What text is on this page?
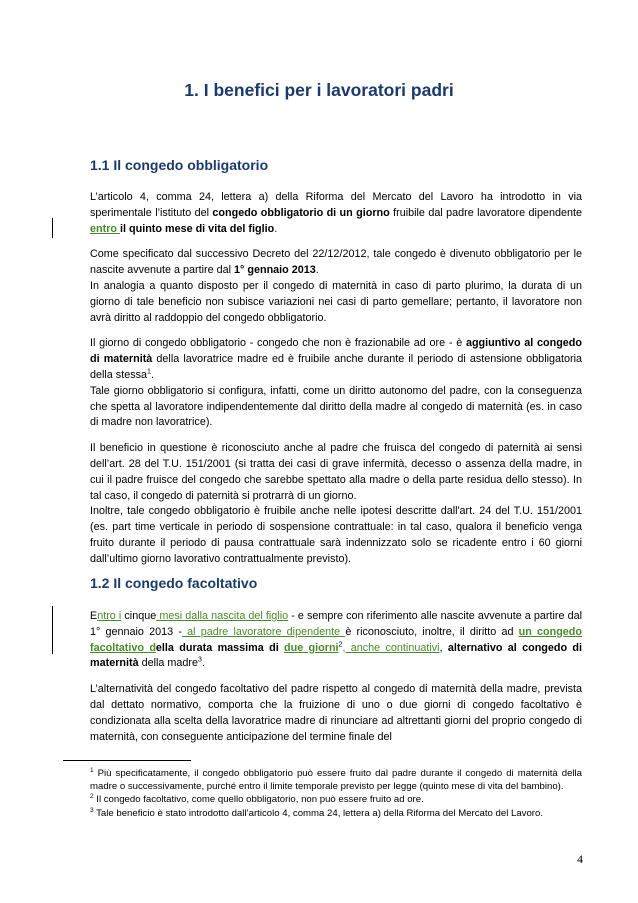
1. I benefici per i lavoratori padri
1.1 Il congedo obbligatorio

L’articolo 4, comma 24, lettera a) della Riforma del Mercato del Lavoro ha introdotto in via sperimentale l’istituto del congedo obbligatorio di un giorno fruibile dal padre lavoratore dipendente entro il quinto mese di vita del figlio.

Come specificato dal successivo Decreto del 22/12/2012, tale congedo è divenuto obbligatorio per le nascite avvenute a partire dal 1° gennaio 2013.

In analogia a quanto disposto per il congedo di maternità in caso di parto plurimo, la durata di un giorno di tale beneficio non subisce variazioni nei casi di parto gemellare; pertanto, il lavoratore non avrà diritto al raddoppio del congedo obbligatorio.

Il giorno di congedo obbligatorio - congedo che non è frazionabile ad ore - è aggiuntivo al congedo di maternità della lavoratrice madre ed è fruibile anche durante il periodo di astensione obbligatoria della stessa$^1$.

Tale giorno obbligatorio si configura, infatti, come un diritto autonomo del padre, con la conseguenza che spetta al lavoratore indipendentemente dal diritto della madre al congedo di maternità (es. in caso di madre non lavoratrice).

Il beneficio in questione è riconosciuto anche al padre che fruisca del congedo di paternità ai sensi dell’art. 28 del T.U. 151/2001 (si tratta dei casi di grave infermità, decesso o assenza della madre, in cui il padre fruisce del congedo che sarebbe spettato alla madre o della parte residua dello stesso). In tal caso, il congedo di paternità si protrarrà di un giorno.

Inoltre, tale congedo obbligatorio è fruibile anche nelle ipotesi descritte dall'art. 24 del T.U. 151/2001 (es. part time verticale in periodo di sospensione contrattuale: in tal caso, qualora il beneficio venga fruito durante il periodo di pausa contrattuale sarà indennizzato solo se ricadente entro i 60 giorni dall’ultimo giorno lavorativo contrattualmente previsto).

1.2 Il congedo facoltativo

Entro i cinque mesi dalla nascita del figlio - e sempre con riferimento alle nascite avvenute a partire dal 1° gennaio 2013 - al padre lavoratore dipendente è riconosciuto, inoltre, il diritto ad un congedo facoltativo della durata massima di due giorni$^2$, anche continuativi, alternativo al congedo di maternità della madre$^3$.

L’alternatività del congedo facoltativo del padre rispetto al congedo di maternità della madre, prevista dal dettato normativo, comporta che la fruizione di uno o due giorni di congedo facoltativo è condizionata alla scelta della lavoratrice madre di rinunciare ad altrettanti giorni del proprio congedo di maternità, con conseguente anticipazione del termine finale del

$^1$ Più specificatamente, il congedo obbligatorio può essere fruito dal padre durante il congedo di maternità della madre o successivamente, purché entro il limite temporale previsto per legge (quinto mese di vita del bambino).

$^2$ Il congedo facoltativo, come quello obbligatorio, non può essere fruito ad ore.

$^3$ Tale beneficio è stato introdotto dall’articolo 4, comma 24, lettera a) della Riforma del Mercato del Lavoro.

4
